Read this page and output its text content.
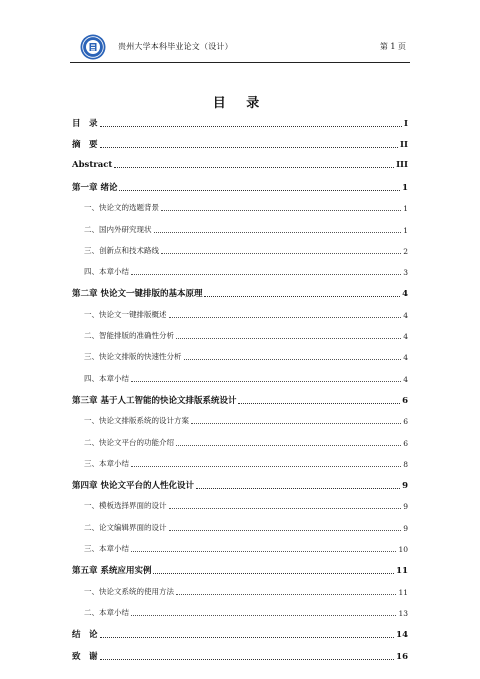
贵州大学本科毕业论文（设计）	第 1 页
目 录
目　录	I
摘　要	II
Abstract	III
第一章 绪论	1
一、快论文的选题背景	1
二、国内外研究现状	1
三、创新点和技术路线	2
四、本章小结	3
第二章 快论文一键排版的基本原理	4
一、快论文一键排版概述	4
二、智能排版的准确性分析	4
三、快论文排版的快速性分析	4
四、本章小结	4
第三章 基于人工智能的快论文排版系统设计	6
一、快论文排版系统的设计方案	6
二、快论文平台的功能介绍	6
三、本章小结	8
第四章 快论文平台的人性化设计	9
一、模板选择界面的设计	9
二、论文编辑界面的设计	9
三、本章小结	10
第五章 系统应用实例	11
一、快论文系统的使用方法	11
二、本章小结	13
结　论	14
致　谢	16
